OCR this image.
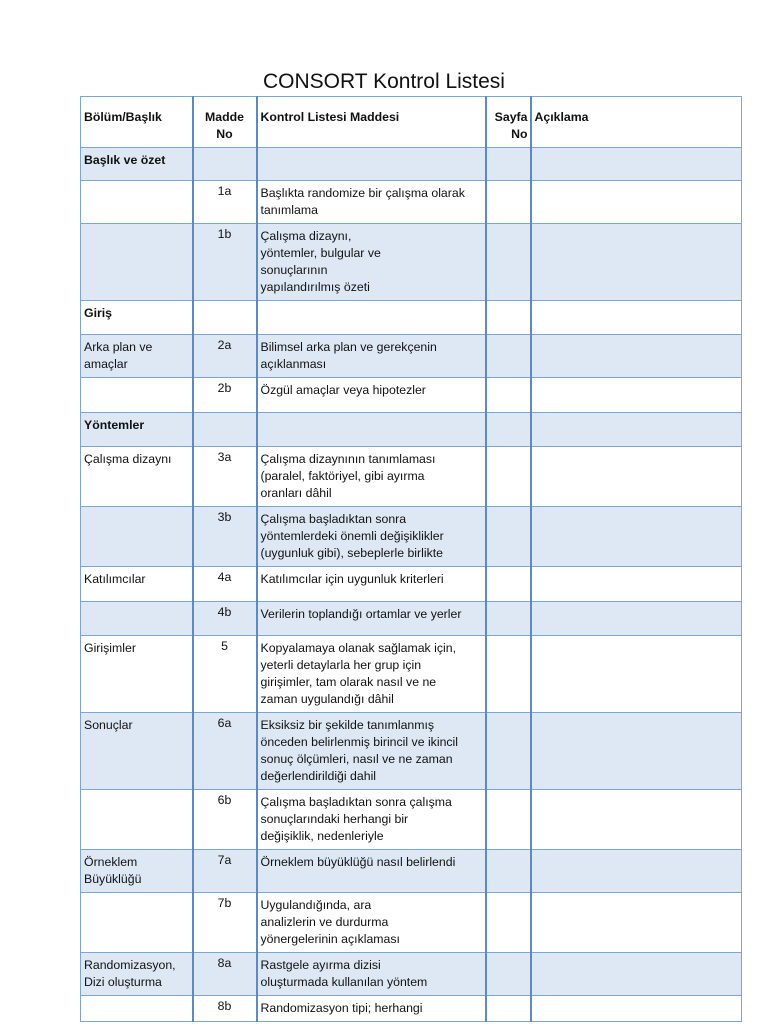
CONSORT Kontrol Listesi
Bölüm/Başlık	Madde
No	Kontrol Listesi Maddesi	Sayfa
No	Açıklama
Başlık ve özet				
	1a	Başlıkta randomize bir çalışma olarak
tanımlama		
	1b	Çalışma dizaynı,
yöntemler, bulgular ve
sonuçlarının
yapılandırılmış özeti		
Giriş				
Arka plan ve
amaçlar	2a	Bilimsel arka plan ve gerekçenin
açıklanması		
	2b	Özgül amaçlar veya hipotezler		
Yöntemler				
Çalışma dizaynı	3a	Çalışma dizaynının tanımlaması
(paralel, faktöriyel, gibi ayırma
oranları dâhil		
	3b	Çalışma başladıktan sonra
yöntemlerdeki önemli değişiklikler
(uygunluk gibi), sebeplerle birlikte		
Katılımcılar	4a	Katılımcılar için uygunluk kriterleri		
	4b	Verilerin toplandığı ortamlar ve yerler		
Girişimler	5	Kopyalamaya olanak sağlamak için,
yeterli detaylarla her grup için
girişimler, tam olarak nasıl ve ne
zaman uygulandığı dâhil		
Sonuçlar	6a	Eksiksiz bir şekilde tanımlanmış
önceden belirlenmiş birincil ve ikincil
sonuç ölçümleri, nasıl ve ne zaman
değerlendirildiği dahil		
	6b	Çalışma başladıktan sonra çalışma
sonuçlarındaki herhangi bir
değişiklik, nedenleriyle		
Örneklem
Büyüklüğü	7a	Örneklem büyüklüğü nasıl belirlendi		
	7b	Uygulandığında, ara
analizlerin ve durdurma
yönergelerinin açıklaması		
Randomizasyon,
Dizi oluşturma	8a	Rastgele ayırma dizisi
oluşturmada kullanılan yöntem		
	8b	Randomizasyon tipi; herhangi		
